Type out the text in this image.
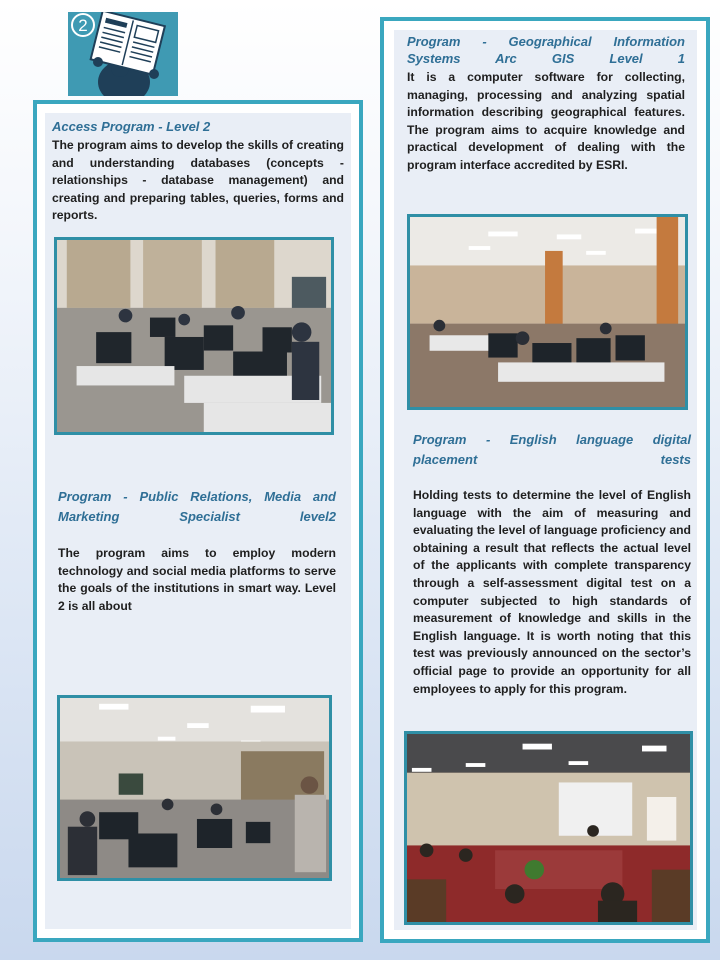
2
Access Program - Level 2
The program aims to develop the skills of creating and understanding databases (concepts - relationships - database management) and creating and preparing tables, queries, forms and reports.
Program - Public Relations, Media and Marketing Specialist level2
The program aims to employ modern technology and social media platforms to serve the goals of the institutions in smart way. Level 2 is all about
Program - Geographical Information Systems Arc GIS Level 1
It is a computer software for collecting, managing, processing and analyzing spatial information describing geographical features. The program aims to acquire knowledge and practical development of dealing with the program interface accredited by ESRI.
Program - English language digital placement tests
Holding tests to determine the level of English language with the aim of measuring and evaluating the level of language proficiency and obtaining a result that reflects the actual level of the applicants with complete transparency through a self-assessment digital test on a computer subjected to high standards of measurement of knowledge and skills in the English language. It is worth noting that this test was previously announced on the sector’s official page to provide an opportunity for all employees to apply for this program.
